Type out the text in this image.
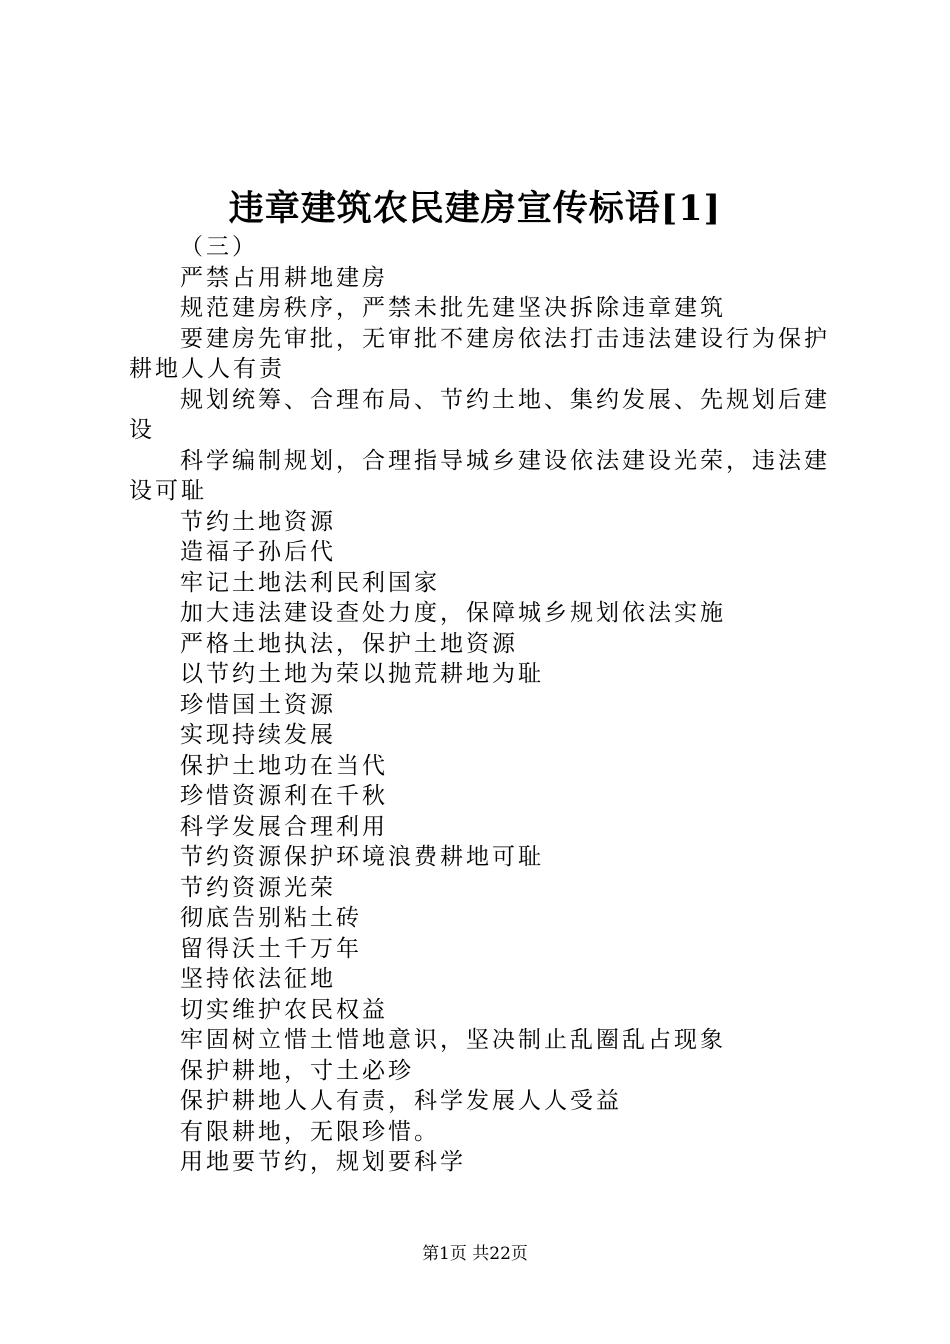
违章建筑农民建房宣传标语[1]

（三）

严禁占用耕地建房

规范建房秩序，严禁未批先建坚决拆除违章建筑

要建房先审批，无审批不建房依法打击违法建设行为保护耕地人人有责

规划统筹、合理布局、节约土地、集约发展、先规划后建设

科学编制规划，合理指导城乡建设依法建设光荣，违法建设可耻

节约土地资源

造福子孙后代

牢记土地法利民利国家

加大违法建设查处力度，保障城乡规划依法实施

严格土地执法，保护土地资源

以节约土地为荣以抛荒耕地为耻

珍惜国土资源

实现持续发展

保护土地功在当代

珍惜资源利在千秋

科学发展合理利用

节约资源保护环境浪费耕地可耻

节约资源光荣

彻底告别粘土砖

留得沃土千万年

坚持依法征地

切实维护农民权益

牢固树立惜土惜地意识，坚决制止乱圈乱占现象

保护耕地，寸土必珍

保护耕地人人有责，科学发展人人受益

有限耕地，无限珍惜。

用地要节约，规划要科学

第1页 共22页
